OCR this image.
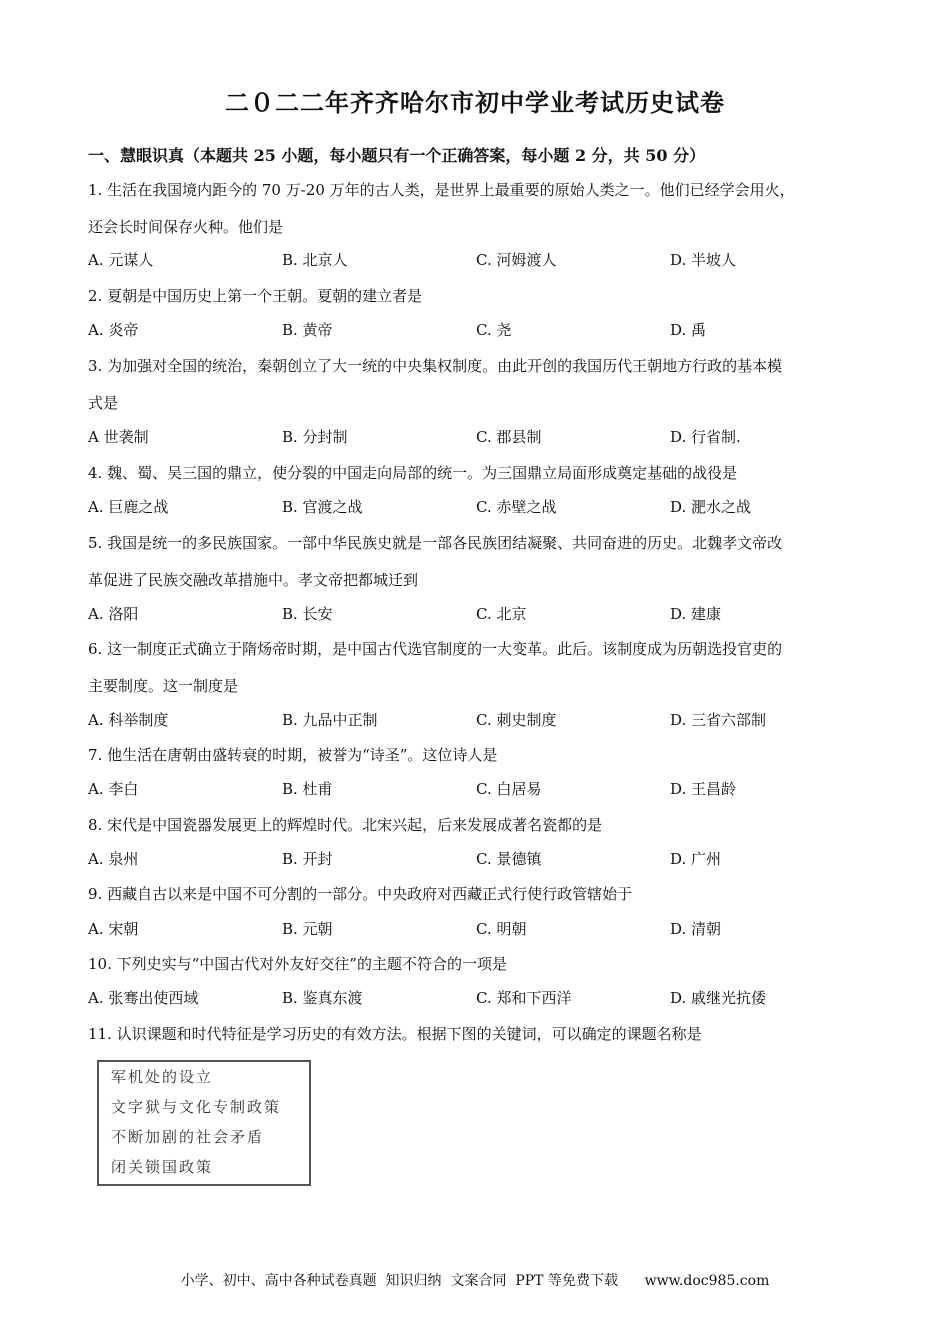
二０二二年齐齐哈尔市初中学业考试历史试卷
一、慧眼识真（本题共 25 小题，每小题只有一个正确答案，每小题 2 分，共 50 分）
1. 生活在我国境内距今的 70 万-20 万年的古人类，是世界上最重要的原始人类之一。他们已经学会用火，
还会长时间保存火种。他们是
A. 元谋人	B. 北京人	C. 河姆渡人	D. 半坡人
2. 夏朝是中国历史上第一个王朝。夏朝的建立者是
A. 炎帝	B. 黄帝	C. 尧	D. 禹
3. 为加强对全国的统治，秦朝创立了大一统的中央集权制度。由此开创的我国历代王朝地方行政的基本模
式是
A 世袭制	B. 分封制	C. 郡县制	D. 行省制.
4. 魏、蜀、吴三国的鼎立，使分裂的中国走向局部的统一。为三国鼎立局面形成奠定基础的战役是
A. 巨鹿之战	B. 官渡之战	C. 赤壁之战	D. 淝水之战
5. 我国是统一的多民族国家。一部中华民族史就是一部各民族团结凝聚、共同奋进的历史。北魏孝文帝改
革促进了民族交融改革措施中。孝文帝把都城迁到
A. 洛阳	B. 长安	C. 北京	D. 建康
6. 这一制度正式确立于隋炀帝时期，是中国古代选官制度的一大变革。此后。该制度成为历朝选投官吏的
主要制度。这一制度是
A. 科举制度	B. 九品中正制	C. 刺史制度	D. 三省六部制
7. 他生活在唐朝由盛转衰的时期，被誉为“诗圣”。这位诗人是
A. 李白	B. 杜甫	C. 白居易	D. 王昌龄
8. 宋代是中国瓷器发展更上的辉煌时代。北宋兴起，后来发展成著名瓷都的是
A. 泉州	B. 开封	C. 景德镇	D. 广州
9. 西藏自古以来是中国不可分割的一部分。中央政府对西藏正式行使行政管辖始于
A. 宋朝	B. 元朝	C. 明朝	D. 清朝
10. 下列史实与“中国古代对外友好交往”的主题不符合的一项是
A. 张骞出使西域	B. 鉴真东渡	C. 郑和下西洋	D. 戚继光抗倭
11. 认识课题和时代特征是学习历史的有效方法。根据下图的关键词，可以确定的课题名称是
军机处的设立
文字狱与文化专制政策
不断加剧的社会矛盾
闭关锁国政策
小学、初中、高中各种试卷真题  知识归纳  文案合同  PPT 等免费下载      www.doc985.com
